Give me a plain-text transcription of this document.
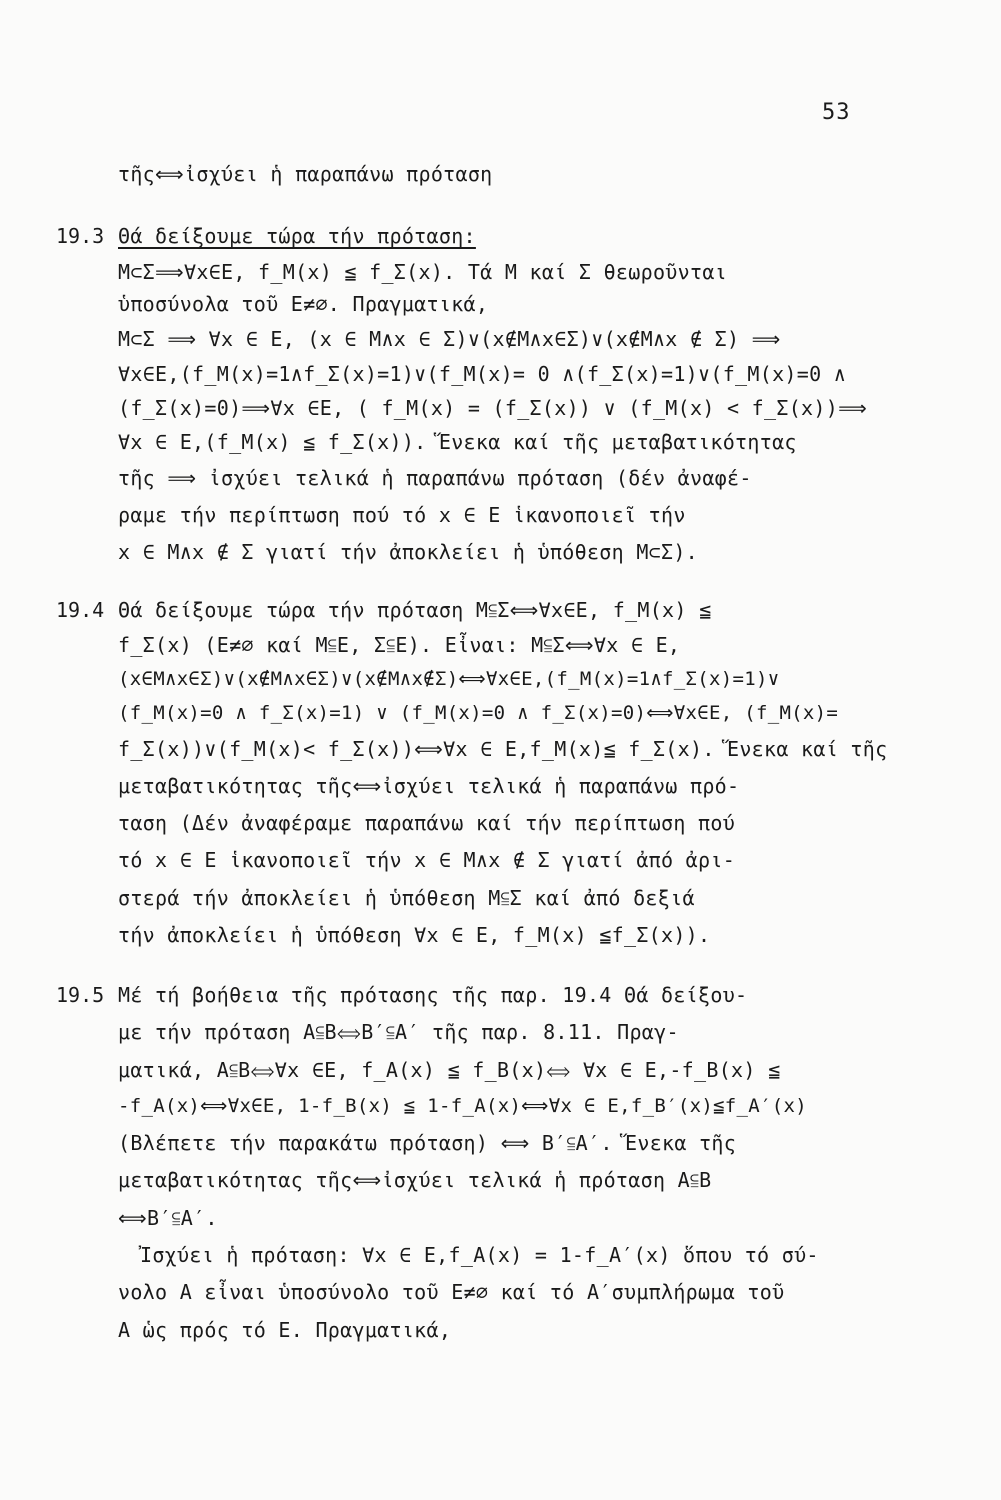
53
τῆς⟺ἰσχύει ἡ παραπάνω πρόταση
19.3 Θά δείξουμε τώρα τήν πρόταση:
M⊂Σ⟹∀x∈E, f_M(x) ≦ f_Σ(x). Τά M καί Σ θεωροῦνται
ὑποσύνολα τοῦ E≠∅. Πραγματικά,
M⊂Σ ⟹ ∀x ∈ E, (x ∈ M∧x ∈ Σ)∨(x∉M∧x∈Σ)∨(x∉M∧x ∉ Σ) ⟹
∀x∈E,(f_M(x)=1∧f_Σ(x)=1)∨(f_M(x)= 0 ∧(f_Σ(x)=1)∨(f_M(x)=0 ∧
(f_Σ(x)=0)⟹∀x ∈E, ( f_M(x) = (f_Σ(x)) ∨ (f_M(x) < f_Σ(x))⟹
∀x ∈ E,(f_M(x) ≦ f_Σ(x)). Ἕνεκα καί τῆς μεταβατικότητας
τῆς ⟹ ἰσχύει τελικά ἡ παραπάνω πρόταση (δέν ἀναφέ-
ραμε τήν περίπτωση πού τό x ∈ E ἱκανοποιεῖ τήν
x ∈ M∧x ∉ Σ γιατί τήν ἀποκλείει ἡ ὑπόθεση M⊂Σ).
19.4 Θά δείξουμε τώρα τήν πρόταση M⫅Σ⟺∀x∈E, f_M(x) ≦
f_Σ(x) (E≠∅ καί M⫅E, Σ⫅E). Εἶναι: M⫅Σ⟺∀x ∈ E,
(x∈M∧x∈Σ)∨(x∉M∧x∈Σ)∨(x∉M∧x∉Σ)⟺∀x∈E,(f_M(x)=1∧f_Σ(x)=1)∨
(f_M(x)=0 ∧ f_Σ(x)=1) ∨ (f_M(x)=0 ∧ f_Σ(x)=0)⟺∀x∈E, (f_M(x)=
f_Σ(x))∨(f_M(x)< f_Σ(x))⟺∀x ∈ E,f_M(x)≦ f_Σ(x). Ἕνεκα καί τῆς
μεταβατικότητας τῆς⟺ἰσχύει τελικά ἡ παραπάνω πρό-
ταση (Δέν ἀναφέραμε παραπάνω καί τήν περίπτωση πού
τό x ∈ E ἱκανοποιεῖ τήν x ∈ M∧x ∉ Σ γιατί ἀπό ἀρι-
στερά τήν ἀποκλείει ἡ ὑπόθεση M⫅Σ καί ἀπό δεξιά
τήν ἀποκλείει ἡ ὑπόθεση ∀x ∈ E, f_M(x) ≦f_Σ(x)).
19.5 Μέ τή βοήθεια τῆς πρότασης τῆς παρ. 19.4 Θά δείξου-
με τήν πρόταση A⫅B⟺B′⫅A′ τῆς παρ. 8.11. Πραγ-
ματικά, A⫅B⟺∀x ∈E, f_A(x) ≦ f_B(x)⟺ ∀x ∈ E,-f_B(x) ≦
-f_A(x)⟺∀x∈E, 1-f_B(x) ≦ 1-f_A(x)⟺∀x ∈ E,f_B′(x)≦f_A′(x)
(Βλέπετε τήν παρακάτω πρόταση) ⟺ B′⫅A′. Ἕνεκα τῆς
μεταβατικότητας τῆς⟺ἰσχύει τελικά ἡ πρόταση A⫅B
⟺B′⫅A′.
Ἰσχύει ἡ πρόταση: ∀x ∈ E,f_A(x) = 1-f_A′(x) ὅπου τό σύ-
νολο A εἶναι ὑποσύνολο τοῦ E≠∅ καί τό A′συμπλήρωμα τοῦ
A ὡς πρός τό E. Πραγματικά,
